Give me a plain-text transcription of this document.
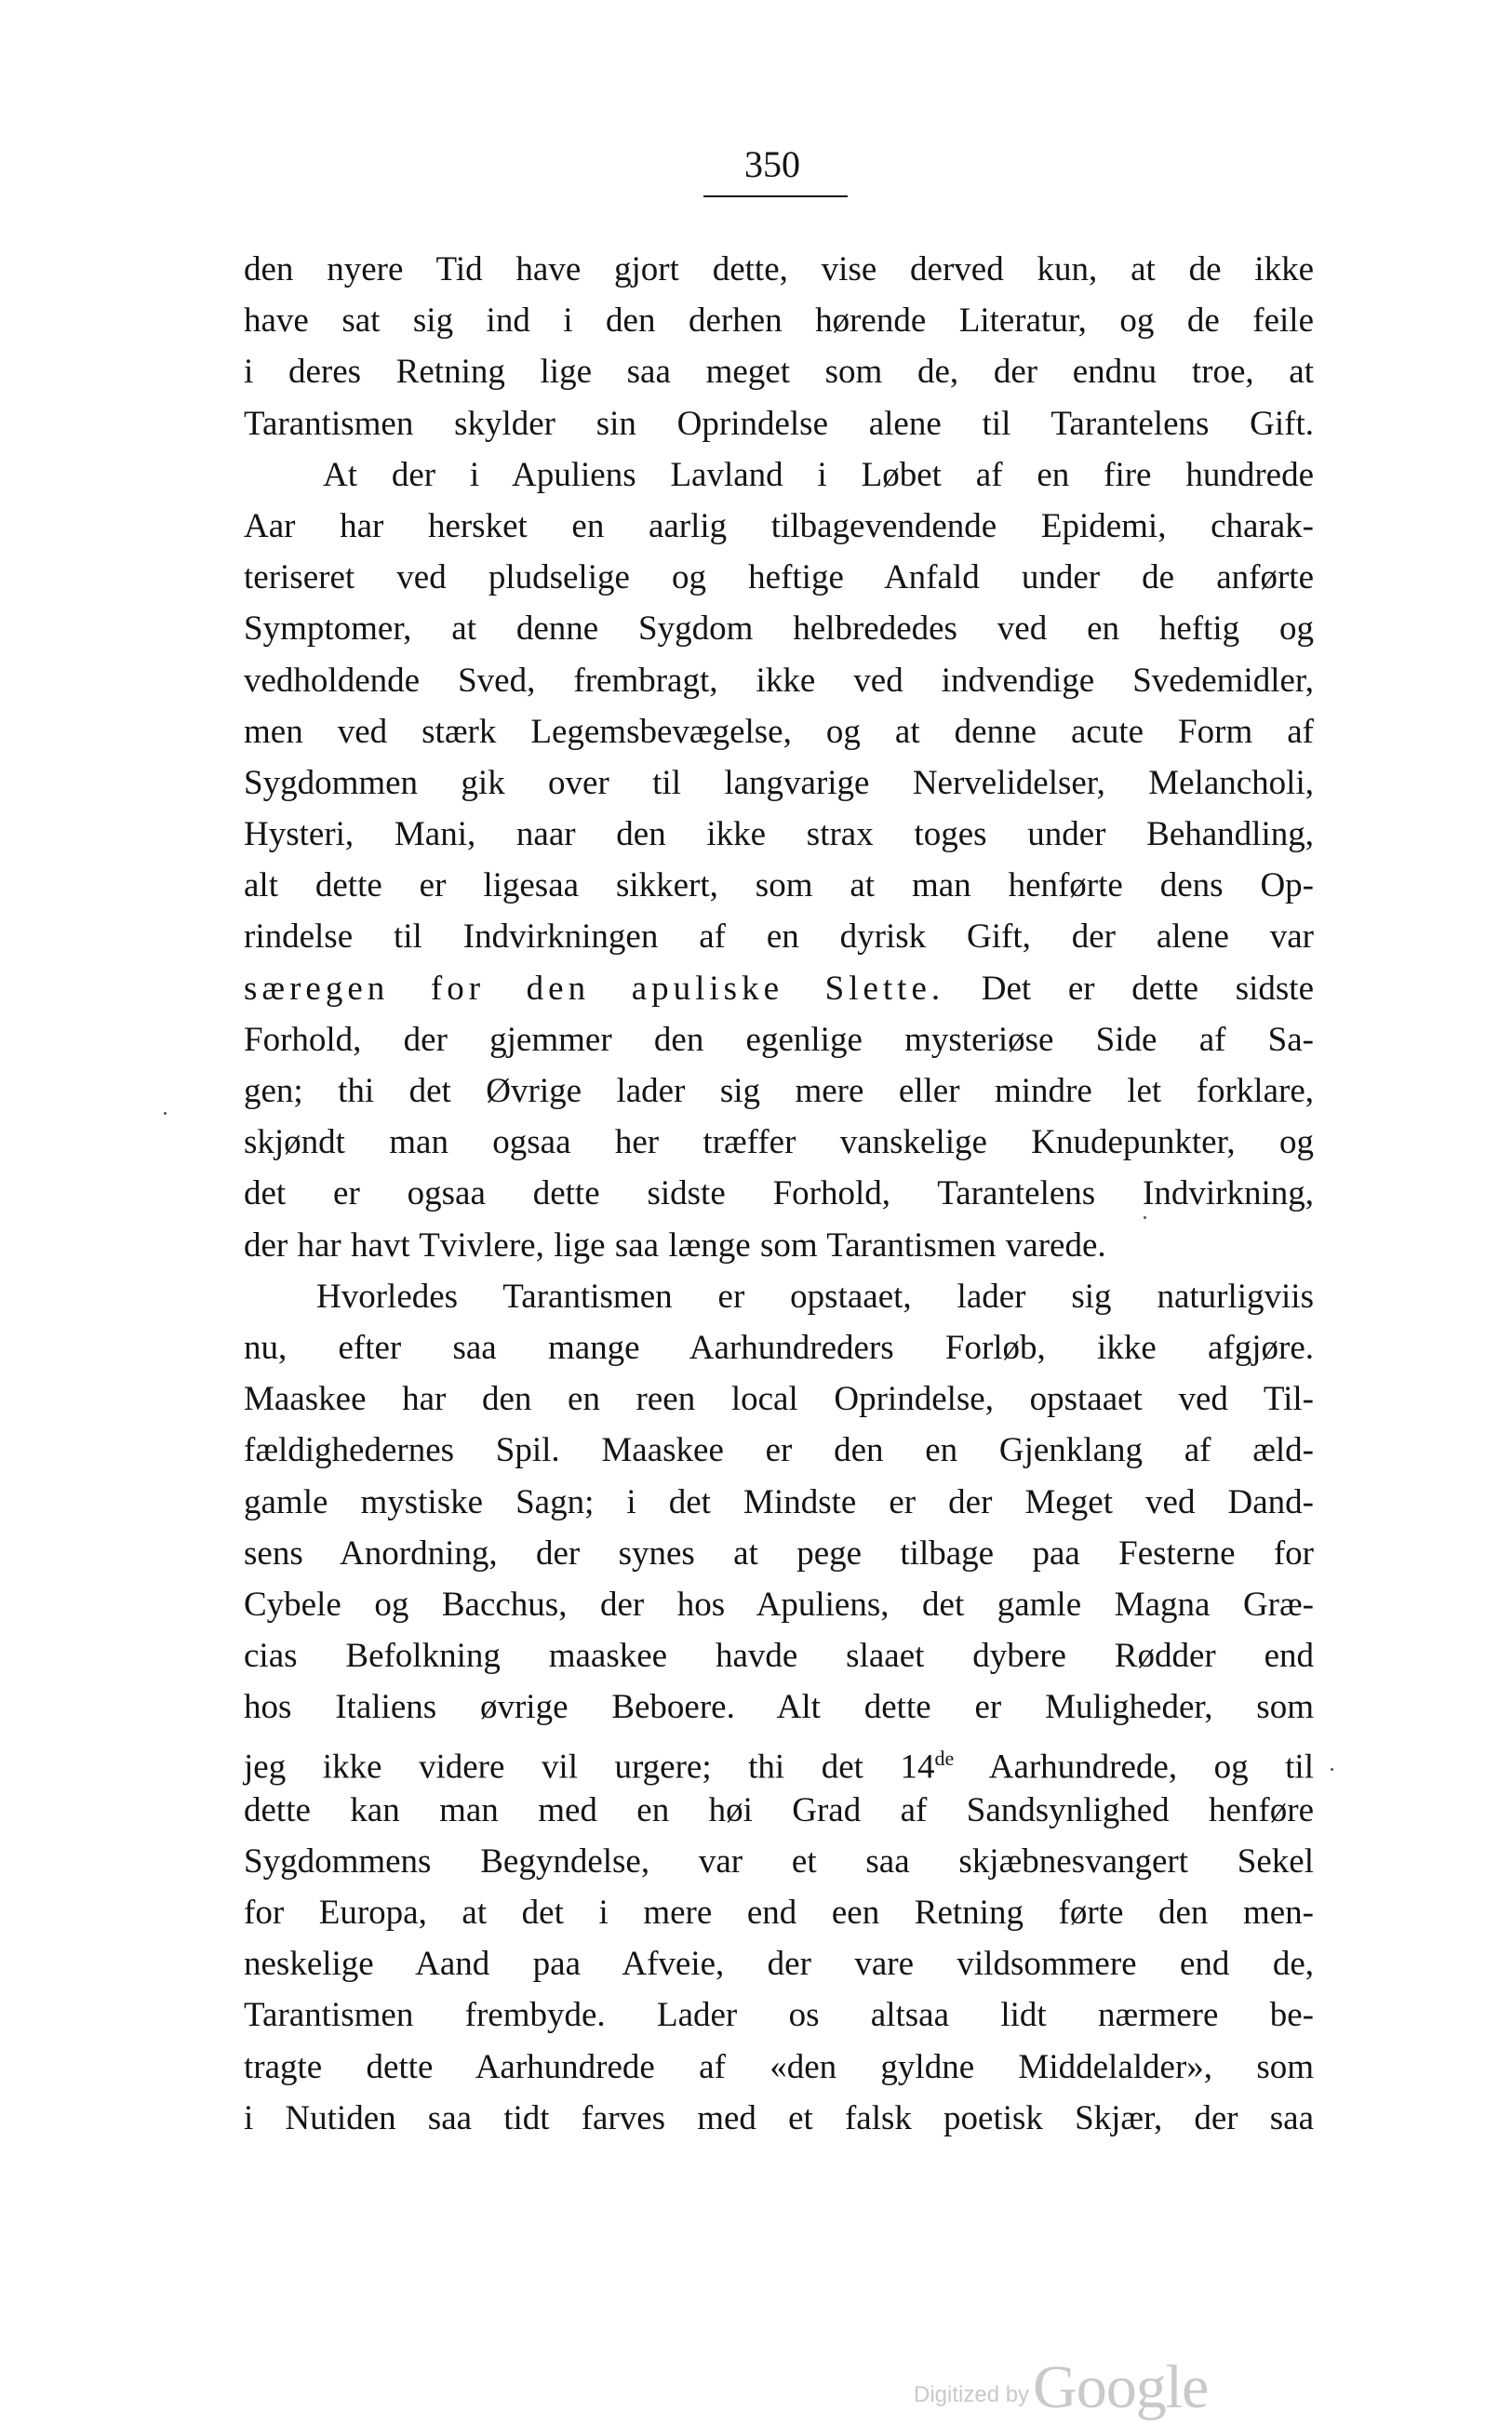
350
den nyere Tid have gjort dette, vise derved kun, at de ikke
have sat sig ind i den derhen hørende Literatur, og de feile
i deres Retning lige saa meget som de, der endnu troe, at
Tarantismen skylder sin Oprindelse alene til Tarantelens Gift.
At der i Apuliens Lavland i Løbet af en fire hundrede
Aar har hersket en aarlig tilbagevendende Epidemi, charak-
teriseret ved pludselige og heftige Anfald under de anførte
Symptomer, at denne Sygdom helbrededes ved en heftig og
vedholdende Sved, frembragt, ikke ved indvendige Svedemidler,
men ved stærk Legemsbevægelse, og at denne acute Form af
Sygdommen gik over til langvarige Nervelidelser, Melancholi,
Hysteri, Mani, naar den ikke strax toges under Behandling,
alt dette er ligesaa sikkert, som at man henførte dens Op-
rindelse til Indvirkningen af en dyrisk Gift, der alene var
særegen for den apuliske Slette. Det er dette sidste
Forhold, der gjemmer den egenlige mysteriøse Side af Sa-
gen; thi det Øvrige lader sig mere eller mindre let forklare,
skjøndt man ogsaa her træffer vanskelige Knudepunkter, og
det er ogsaa dette sidste Forhold, Tarantelens Indvirkning,
der har havt Tvivlere, lige saa længe som Tarantismen varede.
Hvorledes Tarantismen er opstaaet, lader sig naturligviis
nu, efter saa mange Aarhundreders Forløb, ikke afgjøre.
Maaskee har den en reen local Oprindelse, opstaaet ved Til-
fældighedernes Spil. Maaskee er den en Gjenklang af æld-
gamle mystiske Sagn; i det Mindste er der Meget ved Dand-
sens Anordning, der synes at pege tilbage paa Festerne for
Cybele og Bacchus, der hos Apuliens, det gamle Magna Græ-
cias Befolkning maaskee havde slaaet dybere Rødder end
hos Italiens øvrige Beboere. Alt dette er Muligheder, som
jeg ikke videre vil urgere; thi det 14de Aarhundrede, og til
dette kan man med en høi Grad af Sandsynlighed henføre
Sygdommens Begyndelse, var et saa skjæbnesvangert Sekel
for Europa, at det i mere end een Retning førte den men-
neskelige Aand paa Afveie, der vare vildsommere end de,
Tarantismen frembyde. Lader os altsaa lidt nærmere be-
tragte dette Aarhundrede af «den gyldne Middelalder», som
i Nutiden saa tidt farves med et falsk poetisk Skjær, der saa
Digitized by Google
